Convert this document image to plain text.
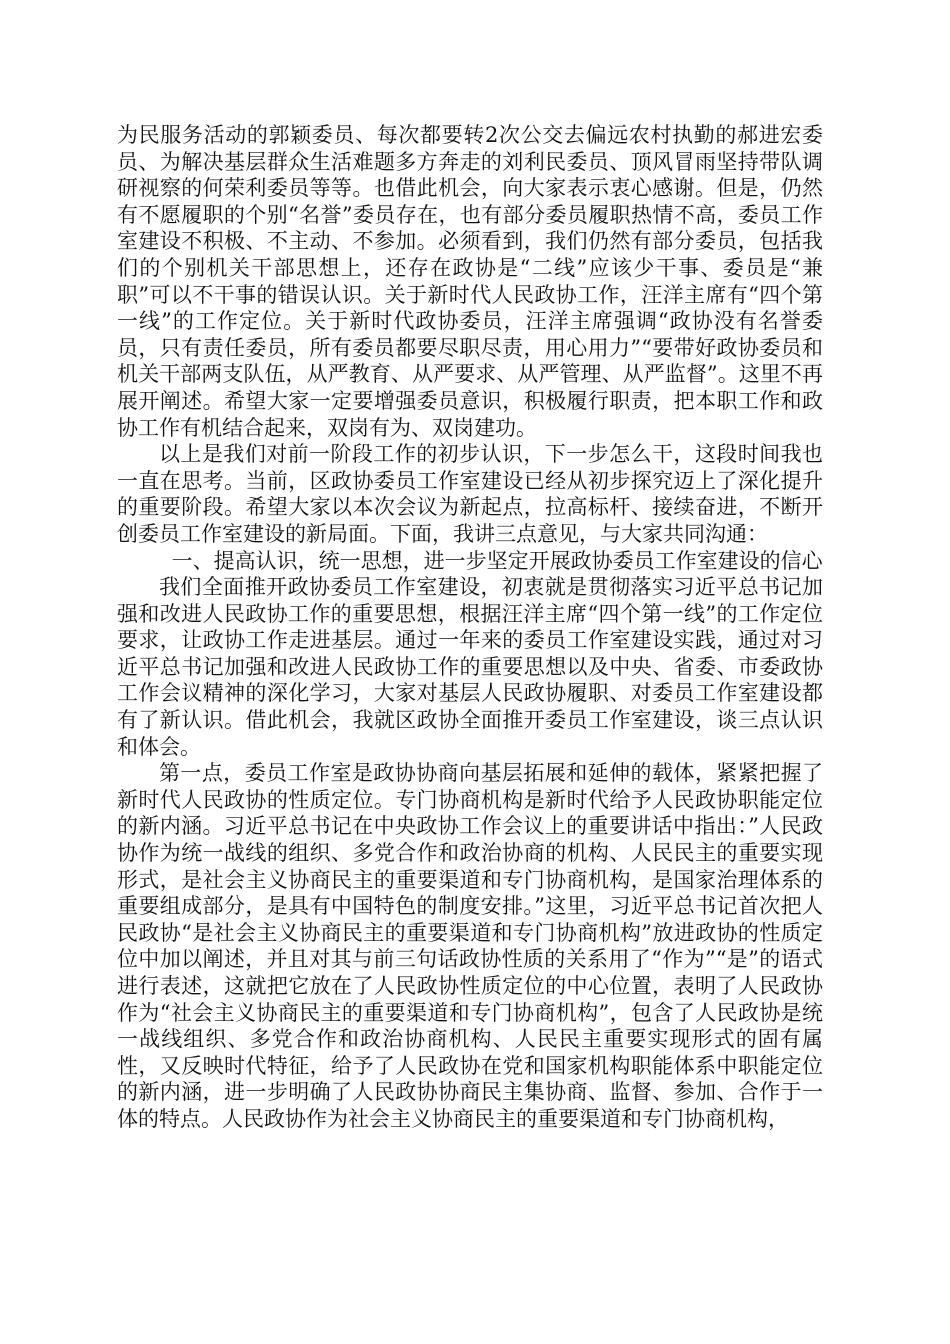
为民服务活动的郭颖委员、每次都要转2次公交去偏远农村执勤的郝进宏委员、为解决基层群众生活难题多方奔走的刘利民委员、顶风冒雨坚持带队调研视察的何荣利委员等等。也借此机会，向大家表示衷心感谢。但是，仍然有不愿履职的个别“名誉”委员存在，也有部分委员履职热情不高，委员工作室建设不积极、不主动、不参加。必须看到，我们仍然有部分委员，包括我们的个别机关干部思想上，还存在政协是“二线”应该少干事、委员是“兼职”可以不干事的错误认识。关于新时代人民政协工作，汪洋主席有“四个第一线”的工作定位。关于新时代政协委员，汪洋主席强调“政协没有名誉委员，只有责任委员，所有委员都要尽职尽责，用心用力”“要带好政协委员和机关干部两支队伍，从严教育、从严要求、从严管理、从严监督”。这里不再展开阐述。希望大家一定要增强委员意识，积极履行职责，把本职工作和政协工作有机结合起来，双岗有为、双岗建功。

以上是我们对前一阶段工作的初步认识，下一步怎么干，这段时间我也一直在思考。当前，区政协委员工作室建设已经从初步探究迈上了深化提升的重要阶段。希望大家以本次会议为新起点，拉高标杆、接续奋进，不断开创委员工作室建设的新局面。下面，我讲三点意见，与大家共同沟通：

一、提高认识，统一思想，进一步坚定开展政协委员工作室建设的信心

我们全面推开政协委员工作室建设，初衷就是贯彻落实习近平总书记加强和改进人民政协工作的重要思想，根据汪洋主席“四个第一线”的工作定位要求，让政协工作走进基层。通过一年来的委员工作室建设实践，通过对习近平总书记加强和改进人民政协工作的重要思想以及中央、省委、市委政协工作会议精神的深化学习，大家对基层人民政协履职、对委员工作室建设都有了新认识。借此机会，我就区政协全面推开委员工作室建设，谈三点认识和体会。

第一点，委员工作室是政协协商向基层拓展和延伸的载体，紧紧把握了新时代人民政协的性质定位。专门协商机构是新时代给予人民政协职能定位的新内涵。习近平总书记在中央政协工作会议上的重要讲话中指出：”人民政协作为统一战线的组织、多党合作和政治协商的机构、人民民主的重要实现形式，是社会主义协商民主的重要渠道和专门协商机构，是国家治理体系的重要组成部分，是具有中国特色的制度安排。”这里，习近平总书记首次把人民政协“是社会主义协商民主的重要渠道和专门协商机构”放进政协的性质定位中加以阐述，并且对其与前三句话政协性质的关系用了“作为”“是”的语式进行表述，这就把它放在了人民政协性质定位的中心位置，表明了人民政协作为“社会主义协商民主的重要渠道和专门协商机构”，包含了人民政协是统一战线组织、多党合作和政治协商机构、人民民主重要实现形式的固有属性，又反映时代特征，给予了人民政协在党和国家机构职能体系中职能定位的新内涵，进一步明确了人民政协协商民主集协商、监督、参加、合作于一体的特点。人民政协作为社会主义协商民主的重要渠道和专门协商机构，
